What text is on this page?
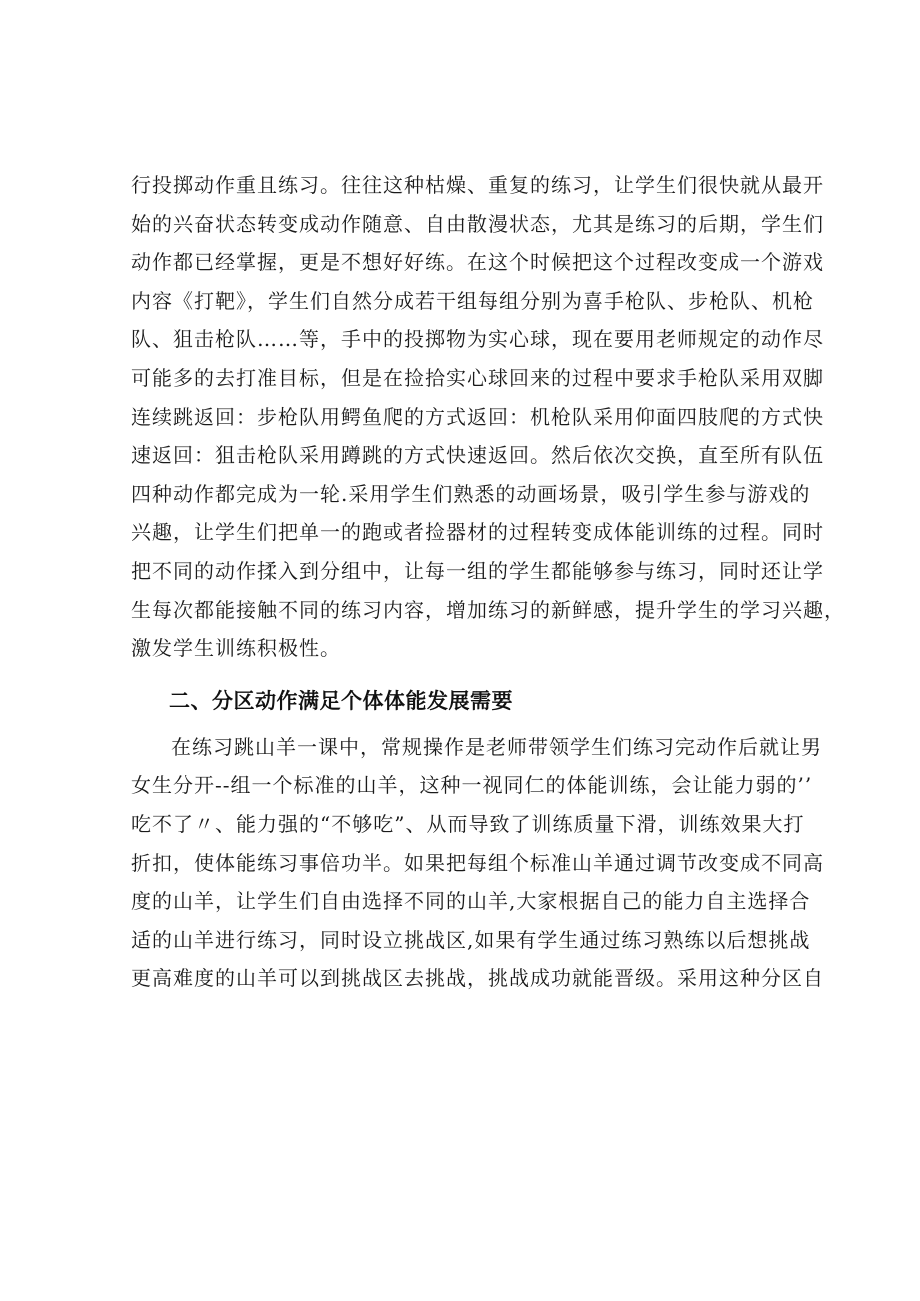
行投掷动作重且练习。往往这种枯燥、重复的练习，让学生们很快就从最开
始的兴奋状态转变成动作随意、自由散漫状态，尤其是练习的后期，学生们
动作都已经掌握，更是不想好好练。在这个时候把这个过程改变成一个游戏
内容《打靶》，学生们自然分成若干组每组分别为喜手枪队、步枪队、机枪
队、狙击枪队……等，手中的投掷物为实心球，现在要用老师规定的动作尽
可能多的去打准目标，但是在捡拾实心球回来的过程中要求手枪队采用双脚
连续跳返回：步枪队用鳄鱼爬的方式返回：机枪队采用仰面四肢爬的方式快
速返回：狙击枪队采用蹲跳的方式快速返回。然后依次交换，直至所有队伍
四种动作都完成为一轮.采用学生们熟悉的动画场景，吸引学生参与游戏的
兴趣，让学生们把单一的跑或者捡器材的过程转变成体能训练的过程。同时
把不同的动作揉入到分组中，让每一组的学生都能够参与练习，同时还让学
生每次都能接触不同的练习内容，增加练习的新鲜感，提升学生的学习兴趣，
激发学生训练积极性。

二、分区动作满足个体体能发展需要

在练习跳山羊一课中，常规操作是老师带领学生们练习完动作后就让男
女生分开--组一个标准的山羊，这种一视同仁的体能训练，会让能力弱的’’
吃不了〃、能力强的“不够吃”、从而导致了训练质量下滑，训练效果大打
折扣，使体能练习事倍功半。如果把每组个标准山羊通过调节改变成不同高
度的山羊，让学生们自由选择不同的山羊,大家根据自己的能力自主选择合
适的山羊进行练习，同时设立挑战区,如果有学生通过练习熟练以后想挑战
更高难度的山羊可以到挑战区去挑战，挑战成功就能晋级。采用这种分区自
